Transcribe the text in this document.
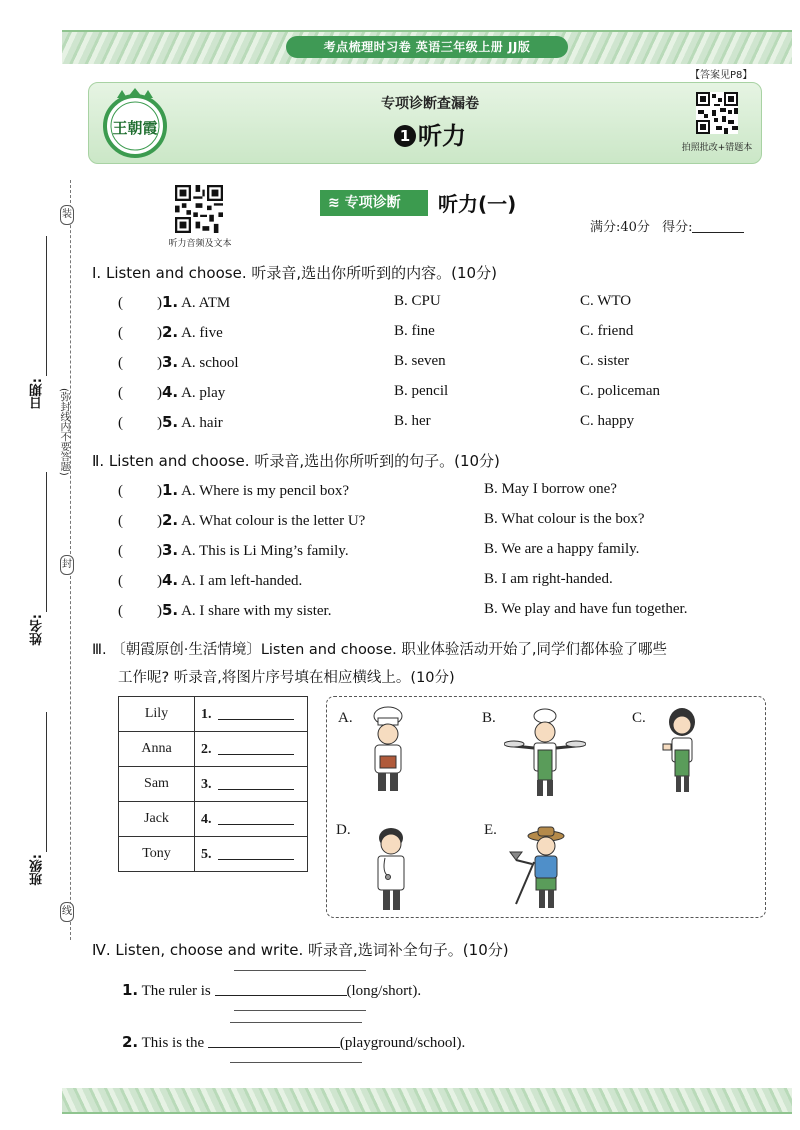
考点梳理时习卷 英语三年级上册 JJ版
【答案见P8】
王朝霞
专项诊断查漏卷
1 听力	拍照批改+错题本
听力音频及文本
≋ 专项诊断	听力(一)
满分:40分 得分:
装
封
线
日期:
姓名:
班级:
(弥封线内不要答题)
Ⅰ. Listen and choose. 听录音,选出你所听到的内容。(10分)
( )1. A. ATM	B. CPU	C. WTO
( )2. A. five	B. fine	C. friend
( )3. A. school	B. seven	C. sister
( )4. A. play	B. pencil	C. policeman
( )5. A. hair	B. her	C. happy
Ⅱ. Listen and choose. 听录音,选出你所听到的句子。(10分)
( )1. A. Where is my pencil box?	B. May I borrow one?
( )2. A. What colour is the letter U?	B. What colour is the box?
( )3. A. This is Li Ming’s family.	B. We are a happy family.
( )4. A. I am left-handed.	B. I am right-handed.
( )5. A. I share with my sister.	B. We play and have fun together.
Ⅲ. 〔朝霞原创·生活情境〕Listen and choose. 职业体验活动开始了,同学们都体验了哪些
工作呢? 听录音,将图片序号填在相应横线上。(10分)
Lily	1.
Anna	2.
Sam	3.
Jack	4.
Tony	5.
A.	B.	C.
D.	E.
Ⅳ. Listen, choose and write. 听录音,选词补全句子。(10分)
1. The ruler is	(long/short).
2. This is the	(playground/school).
